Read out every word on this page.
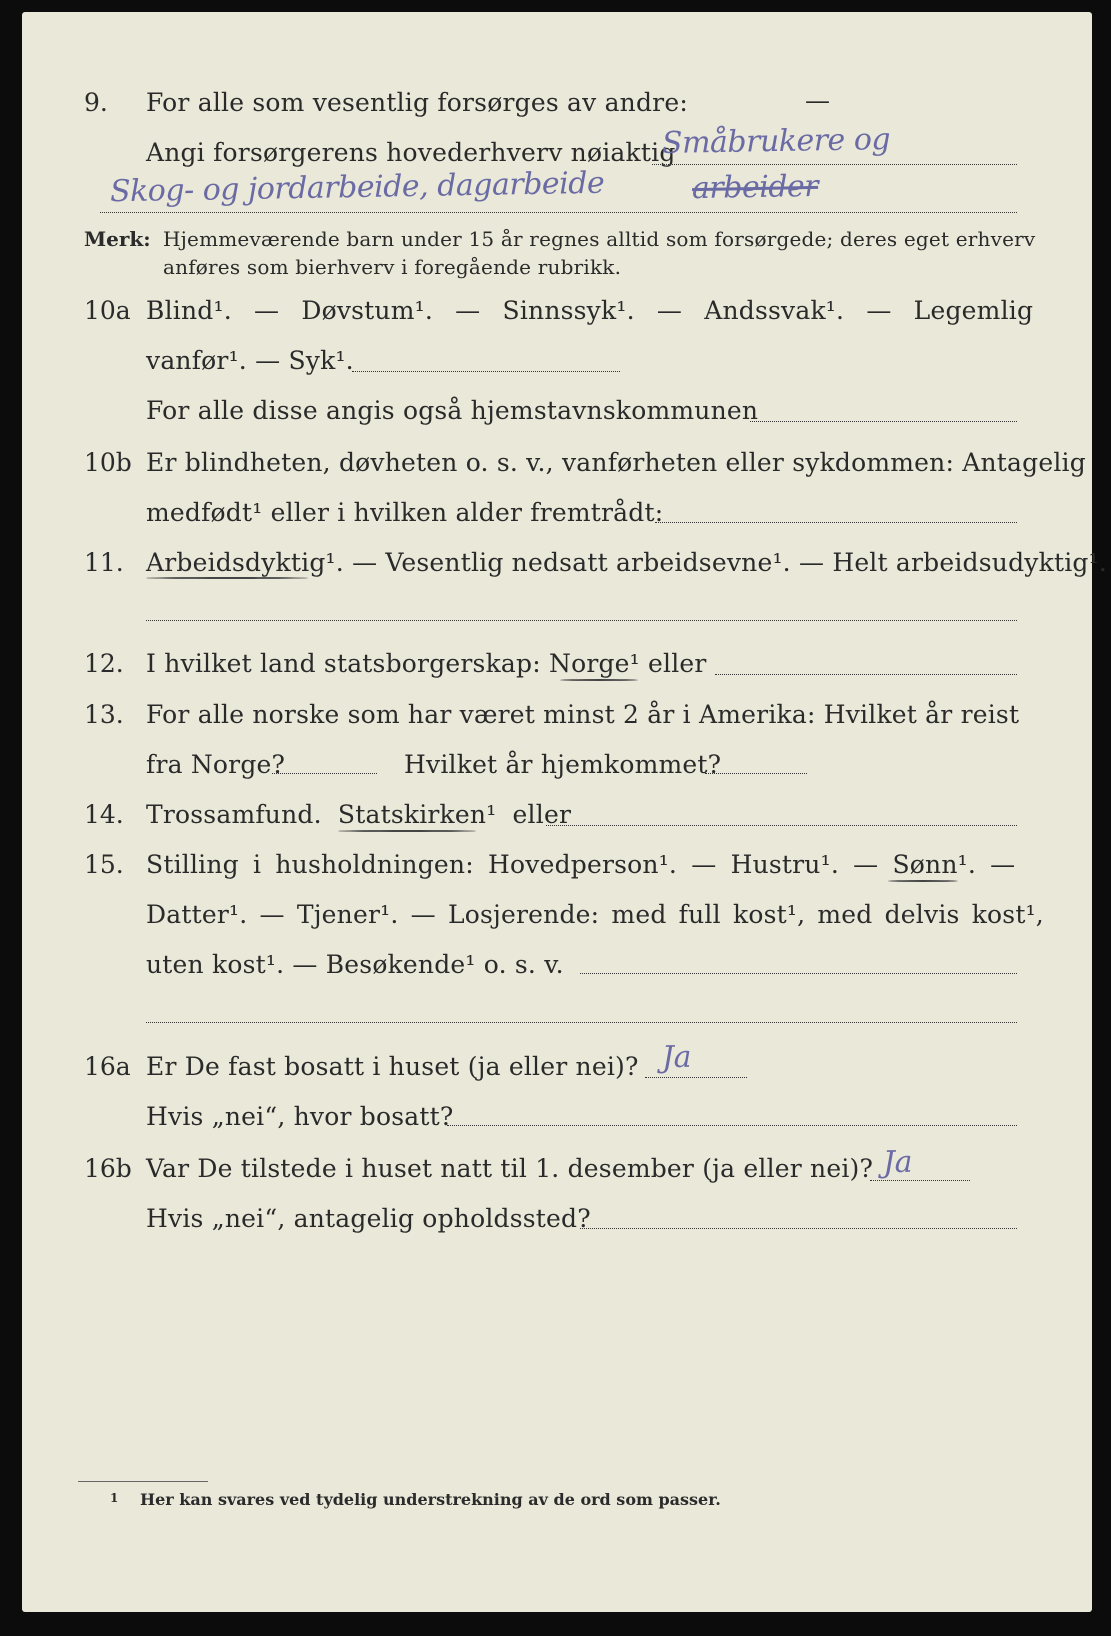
9. For alle som vesentlig forsørges av andre:	—
Angi forsørgerens hovederhverv nøiaktig
Småbrukere og
Skog- og jordarbeide, dagarbeide	arbeider
Merk: Hjemmeværende barn under 15 år regnes alltid som forsørgede; deres eget erhverv
anføres som bierhverv i foregående rubrikk.
10a Blind¹. — Døvstum¹. — Sinnssyk¹. — Andssvak¹. — Legemlig
vanfør¹. — Syk¹.
For alle disse angis også hjemstavnskommunen
10b Er blindheten, døvheten o. s. v., vanførheten eller sykdommen: Antagelig
medfødt¹ eller i hvilken alder fremtrådt:
11. Arbeidsdyktig¹. — Vesentlig nedsatt arbeidsevne¹. — Helt arbeidsudyktig¹.
12. I hvilket land statsborgerskap: Norge¹ eller
13. For alle norske som har været minst 2 år i Amerika: Hvilket år reist
fra Norge?	Hvilket år hjemkommet?
14. Trossamfund. Statskirken¹ eller
15. Stilling i husholdningen: Hovedperson¹. — Hustru¹. — Sønn¹. —
Datter¹. — Tjener¹. — Losjerende: med full kost¹, med delvis kost¹,
uten kost¹. — Besøkende¹ o. s. v.
16a Er De fast bosatt i huset (ja eller nei)? Ja
Hvis „nei“, hvor bosatt?
16b Var De tilstede i huset natt til 1. desember (ja eller nei)? Ja
Hvis „nei“, antagelig opholdssted?
1 Her kan svares ved tydelig understrekning av de ord som passer.
